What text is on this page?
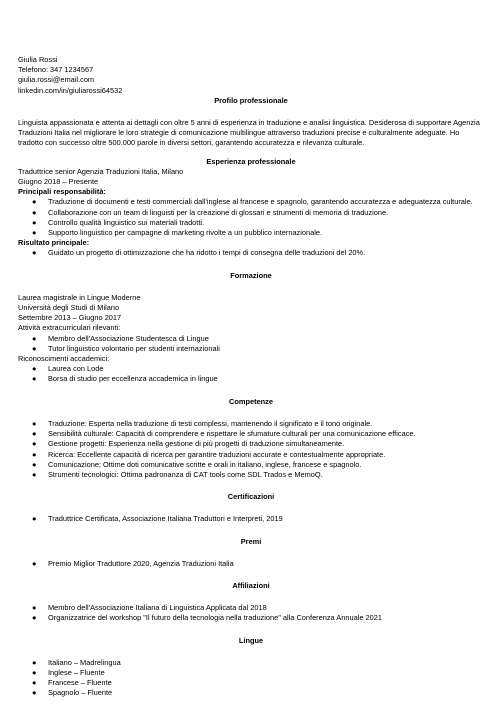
Giulia Rossi
Telefono: 347 1234567
giulia.rossi@email.com
linkedin.com/in/giuliarossi64532
Profilo professionale
Linguista appassionata e attenta ai dettagli con oltre 5 anni di esperienza in traduzione e analisi linguistica. Desiderosa di supportare Agenzia Traduzioni Italia nel migliorare le loro strategie di comunicazione multilingue attraverso traduzioni precise e culturalmente adeguate. Ho tradotto con successo oltre 500.000 parole in diversi settori, garantendo accuratezza e rilevanza culturale.
Esperienza professionale
Traduttrice senior Agenzia Traduzioni Italia, Milano
Giugno 2018 – Presente
Principali responsabilità:
● Traduzione di documenti e testi commerciali dall'inglese al francese e spagnolo, garantendo accuratezza e adeguatezza culturale.
● Collaborazione con un team di linguisti per la creazione di glossari e strumenti di memoria di traduzione.
● Controllo qualità linguistico sui materiali tradotti.
● Supporto linguistico per campagne di marketing rivolte a un pubblico internazionale.
Risultato principale:
● Guidato un progetto di ottimizzazione che ha ridotto i tempi di consegna delle traduzioni del 20%.
Formazione
Laurea magistrale in Lingue Moderne
Università degli Studi di Milano
Settembre 2013 – Giugno 2017
Attività extracurriculari rilevanti:
● Membro dell'Associazione Studentesca di Lingue
● Tutor linguistico volontario per studenti internazionali
Riconoscimenti accademici:
● Laurea con Lode
● Borsa di studio per eccellenza accademica in lingue
Competenze
● Traduzione: Esperta nella traduzione di testi complessi, mantenendo il significato e il tono originale.
● Sensibilità culturale: Capacità di comprendere e rispettare le sfumature culturali per una comunicazione efficace.
● Gestione progetti: Esperienza nella gestione di più progetti di traduzione simultaneamente.
● Ricerca: Eccellente capacità di ricerca per garantire traduzioni accurate e contestualmente appropriate.
● Comunicazione: Ottime doti comunicative scritte e orali in italiano, inglese, francese e spagnolo.
● Strumenti tecnologici: Ottima padronanza di CAT tools come SDL Trados e MemoQ.
Certificazioni
● Traduttrice Certificata, Associazione Italiana Traduttori e Interpreti, 2019
Premi
● Premio Miglior Traduttore 2020, Agenzia Traduzioni Italia
Affiliazioni
● Membro dell'Associazione Italiana di Linguistica Applicata dal 2018
● Organizzatrice del workshop "Il futuro della tecnologia nella traduzione" alla Conferenza Annuale 2021
Lingue
● Italiano – Madrelingua
● Inglese – Fluente
● Francese – Fluente
● Spagnolo – Fluente
